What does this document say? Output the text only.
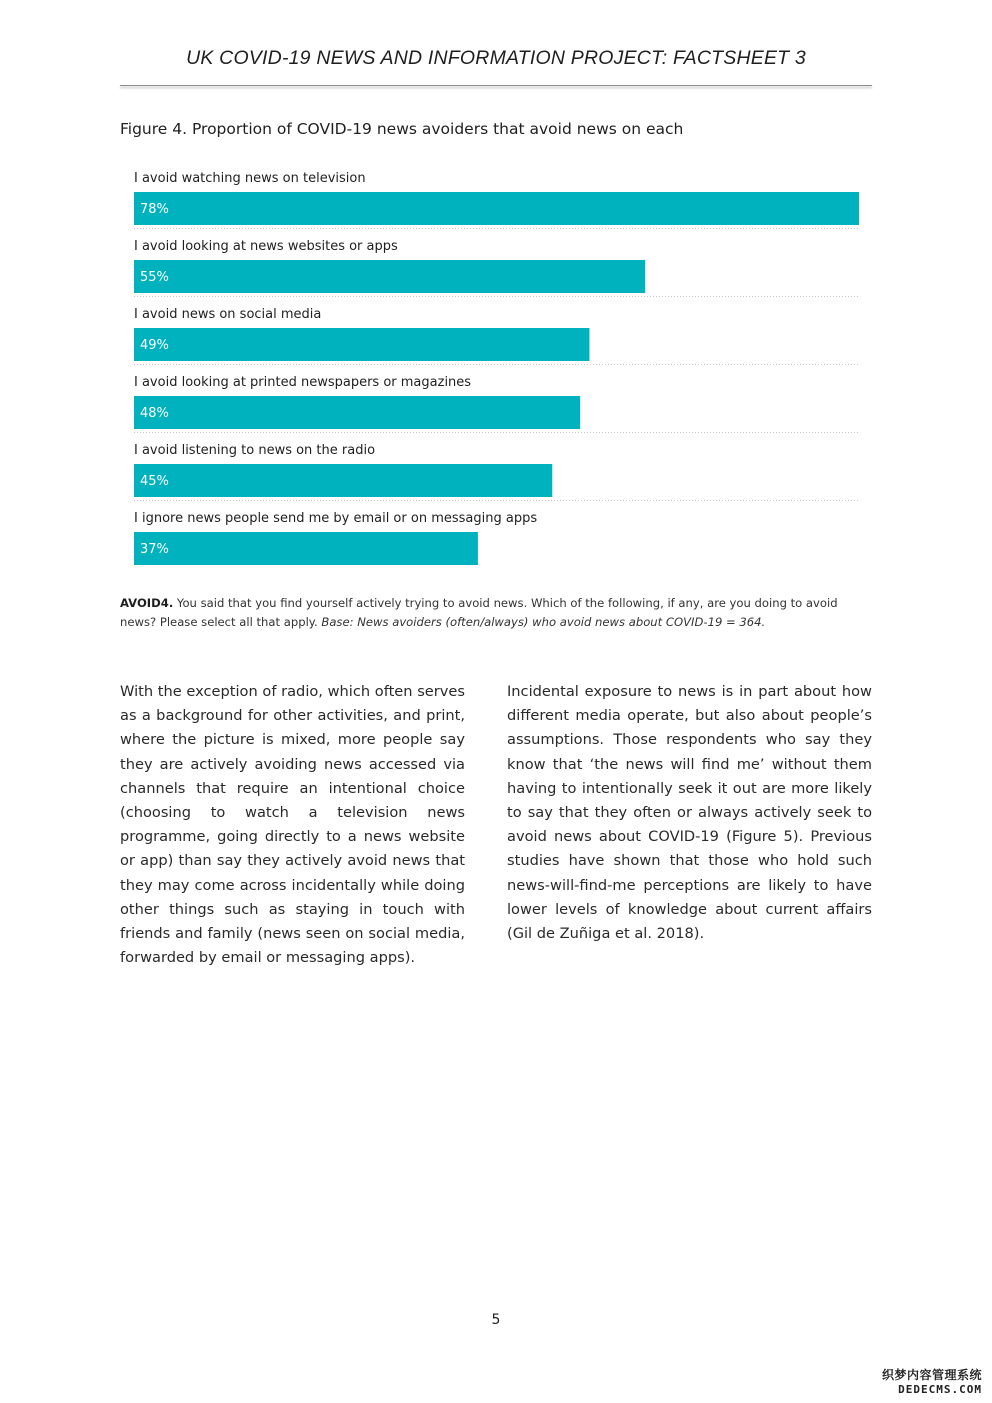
UK COVID-19 NEWS AND INFORMATION PROJECT: FACTSHEET 3
Figure 4. Proportion of COVID-19 news avoiders that avoid news on each
I avoid watching news on television
78%
I avoid looking at news websites or apps
55%
I avoid news on social media
49%
I avoid looking at printed newspapers or magazines
48%
I avoid listening to news on the radio
45%
I ignore news people send me by email or on messaging apps
37%
AVOID4. You said that you find yourself actively trying to avoid news. Which of the following, if any, are you doing to avoid news? Please select all that apply. Base: News avoiders (often/always) who avoid news about COVID-19 = 364.
With the exception of radio, which often serves as a background for other activities, and print, where the picture is mixed, more people say they are actively avoiding news accessed via channels that require an intentional choice (choosing to watch a television news programme, going directly to a news website or app) than say they actively avoid news that they may come across incidentally while doing other things such as staying in touch with friends and family (news seen on social media, forwarded by email or messaging apps).
Incidental exposure to news is in part about how different media operate, but also about people’s assumptions. Those respondents who say they know that ‘the news will find me’ without them having to intentionally seek it out are more likely to say that they often or always actively seek to avoid news about COVID-19 (Figure 5). Previous studies have shown that those who hold such news-will-find-me perceptions are likely to have lower levels of knowledge about current affairs (Gil de Zuñiga et al. 2018).
5
织梦内容管理系统
DEDECMS.COM
